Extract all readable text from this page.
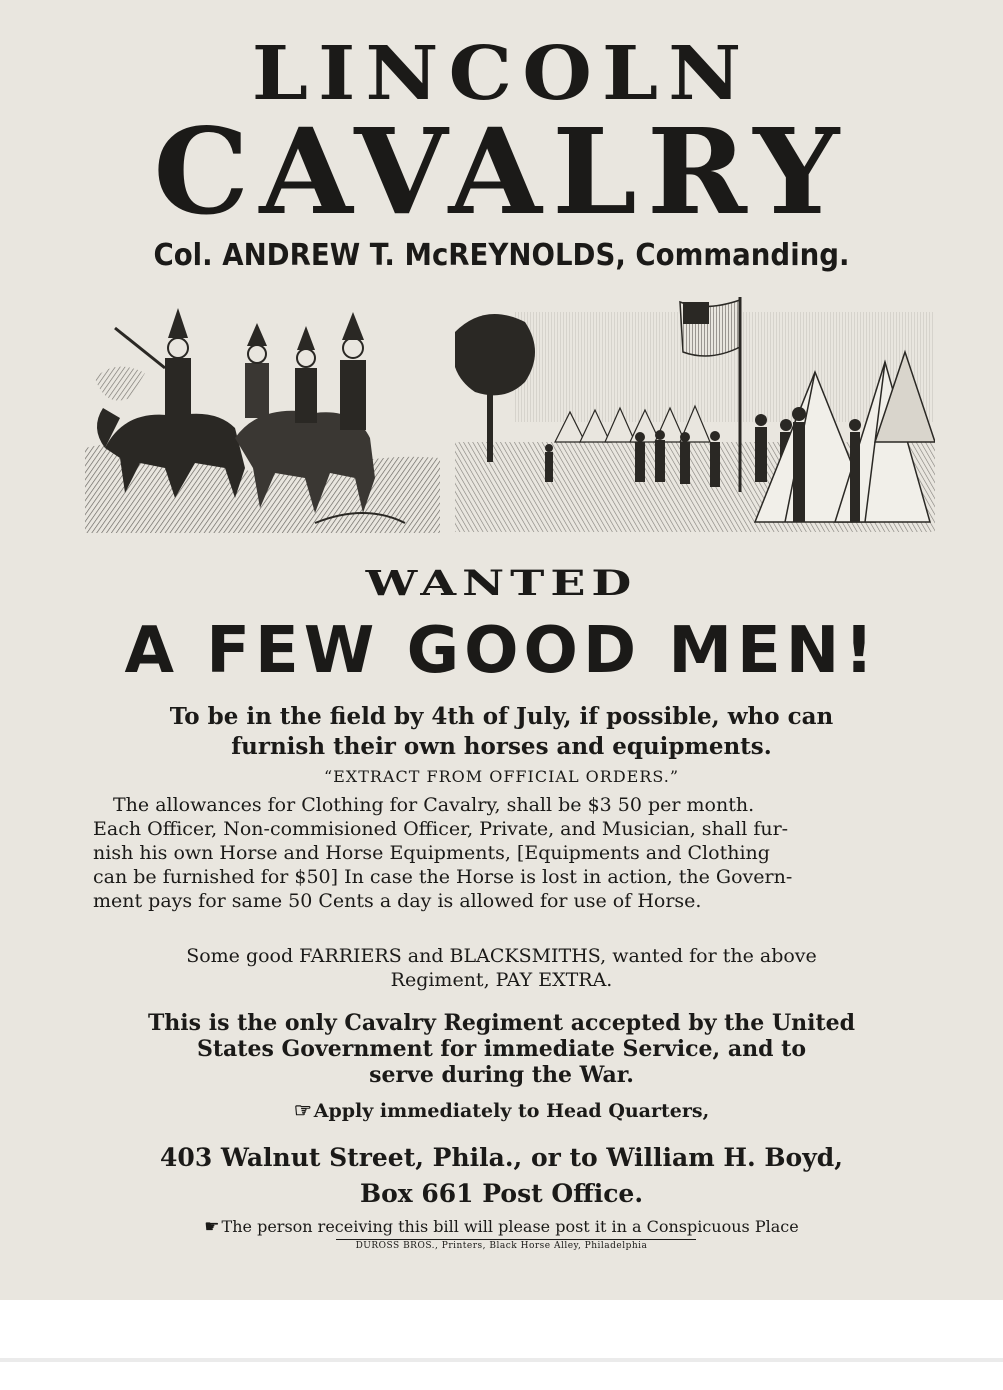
LINCOLN
CAVALRY
Col. ANDREW T. McREYNOLDS, Commanding.
WANTED
A FEW GOOD MEN!
To be in the field by 4th of July, if possible, who can
furnish their own horses and equipments.
“EXTRACT FROM OFFICIAL ORDERS.”
The allowances for Clothing for Cavalry, shall be $3 50 per month.
Each Officer, Non-commisioned Officer, Private, and Musician, shall fur-
nish his own Horse and Horse Equipments, [Equipments and Clothing
can be furnished for $50] In case the Horse is lost in action, the Govern-
ment pays for same 50 Cents a day is allowed for use of Horse.
Some good FARRIERS and BLACKSMITHS, wanted for the above
Regiment, PAY EXTRA.
This is the only Cavalry Regiment accepted by the United
States Government for immediate Service, and to
serve during the War.
☞ Apply immediately to Head Quarters,
403 Walnut Street, Phila., or to William H. Boyd,
Box 661 Post Office.
☛ The person receiving this bill will please post it in a Conspicuous Place
DUROSS BROS., Printers, Black Horse Alley, Philadelphia
